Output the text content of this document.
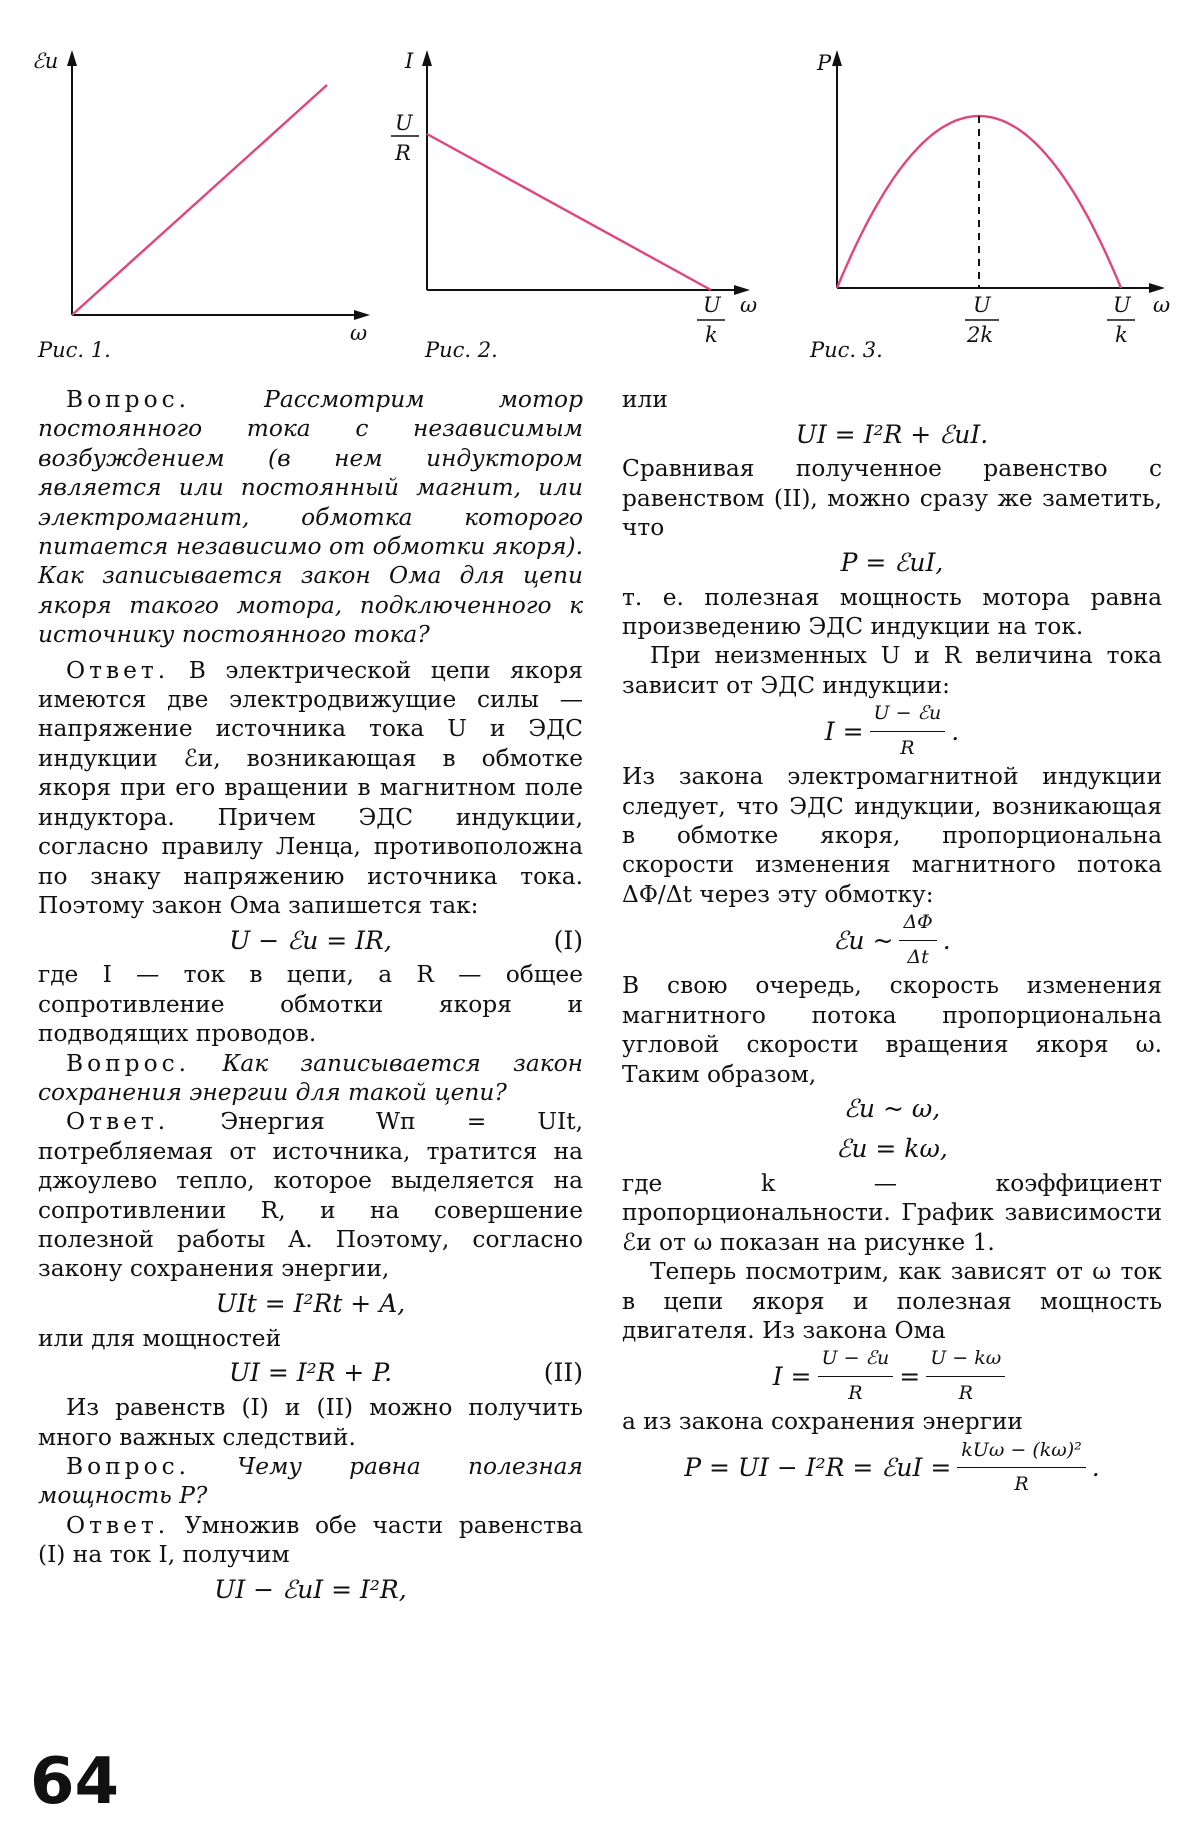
ℰи
ω
Рис. 1.
I
U
R
U
k
ω
Рис. 2.
P
U
2k
U
k
ω
Рис. 3.

Вопрос. Рассмотрим мотор постоянного тока с независимым возбуждением (в нем индуктором является или постоянный магнит, или электромагнит, обмотка которого питается независимо от обмотки якоря). Как записывается закон Ома для цепи якоря такого мотора, подключенного к источнику постоянного тока?

Ответ. В электрической цепи якоря имеются две электродвижущие силы — напряжение источника тока U и ЭДС индукции ℰи, возникающая в обмотке якоря при его вращении в магнитном поле индуктора. Причем ЭДС индукции, согласно правилу Ленца, противоположна по знаку напряжению источника тока. Поэтому закон Ома запишется так:

U − ℰи = IR,	(I)

где I — ток в цепи, а R — общее сопротивление обмотки якоря и подводящих проводов.

Вопрос. Как записывается закон сохранения энергии для такой цепи?

Ответ. Энергия Wп = UIt, потребляемая от источника, тратится на джоулево тепло, которое выделяется на сопротивлении R, и на совершение полезной работы A. Поэтому, согласно закону сохранения энергии,

UIt = I²Rt + A,

или для мощностей

UI = I²R + P.	(II)

Из равенств (I) и (II) можно получить много важных следствий.

Вопрос. Чему равна полезная мощность P?

Ответ. Умножив обе части равенства (I) на ток I, получим

UI − ℰиI = I²R,

или

UI = I²R + ℰиI.

Сравнивая полученное равенство с равенством (II), можно сразу же заметить, что

P = ℰиI,

т. е. полезная мощность мотора равна произведению ЭДС индукции на ток.

При неизменных U и R величина тока зависит от ЭДС индукции:

$I = \frac{\text{U − ℰи}}{R}$ .

Из закона электромагнитной индукции следует, что ЭДС индукции, возникающая в обмотке якоря, пропорциональна скорости изменения магнитного потока ΔΦ/Δt через эту обмотку:

ℰи ~ $\frac{\Delta\Phi}{\Delta t}$ .

В свою очередь, скорость изменения магнитного потока пропорциональна угловой скорости вращения якоря ω. Таким образом,

ℰи ~ ω,
ℰи = kω,

где k — коэффициент пропорциональности. График зависимости ℰи от ω показан на рисунке 1.

Теперь посмотрим, как зависят от ω ток в цепи якоря и полезная мощность двигателя. Из закона Ома

$I = \frac{\text{U − ℰи}}{R} = \frac{U - k\omega}{R}$

а из закона сохранения энергии

P = UI − I²R = ℰиI = $\frac{\text{kUω − (kω)²}}{R}$ .
64
